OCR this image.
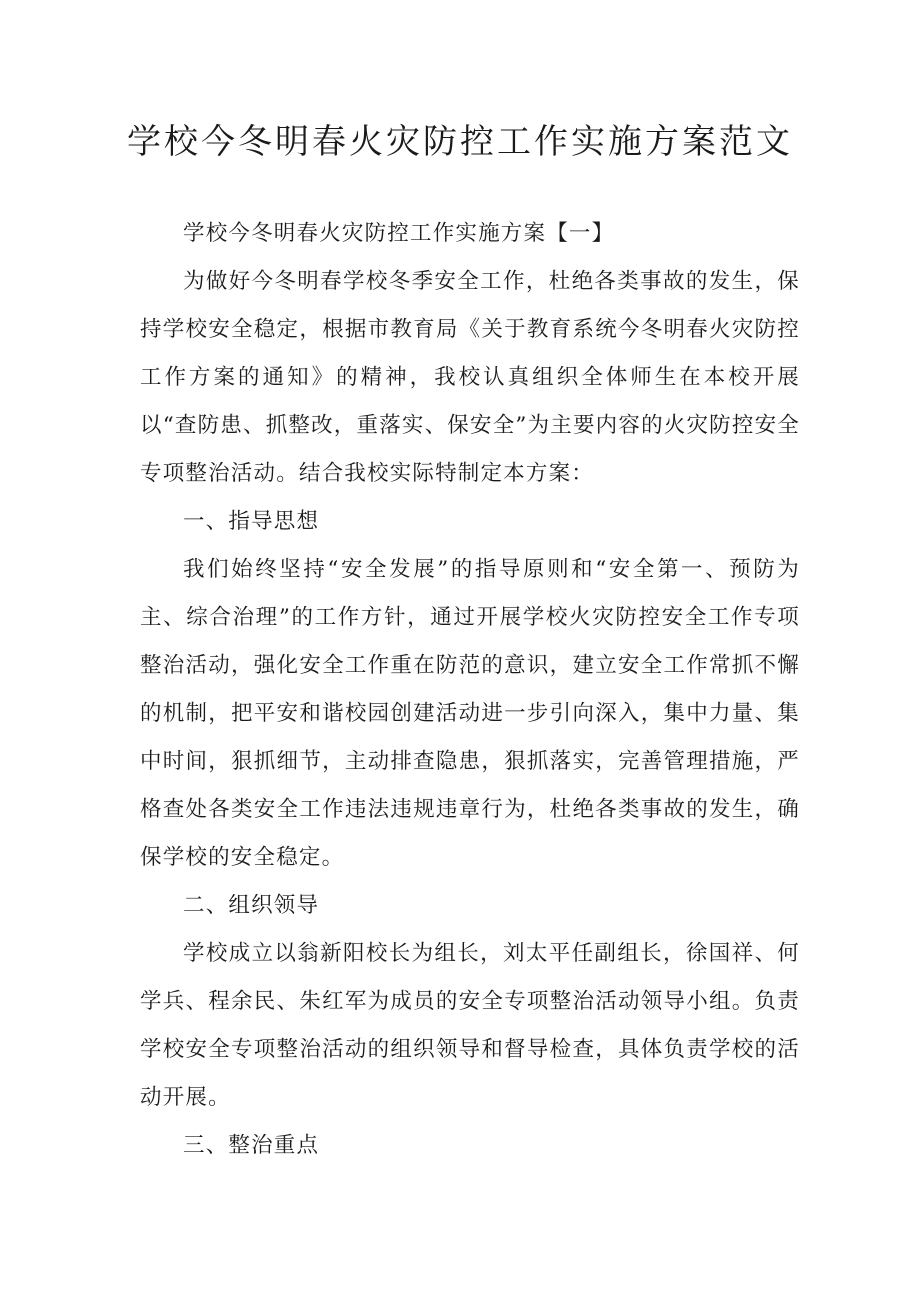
学校今冬明春火灾防控工作实施方案范文

学校今冬明春火灾防控工作实施方案【一】

为做好今冬明春学校冬季安全工作，杜绝各类事故的发生，保持学校安全稳定，根据市教育局《关于教育系统今冬明春火灾防控工作方案的通知》的精神，我校认真组织全体师生在本校开展以“查防患、抓整改，重落实、保安全”为主要内容的火灾防控安全专项整治活动。结合我校实际特制定本方案：

一、指导思想

我们始终坚持“安全发展”的指导原则和“安全第一、预防为主、综合治理”的工作方针，通过开展学校火灾防控安全工作专项整治活动，强化安全工作重在防范的意识，建立安全工作常抓不懈的机制，把平安和谐校园创建活动进一步引向深入，集中力量、集中时间，狠抓细节，主动排查隐患，狠抓落实，完善管理措施，严格查处各类安全工作违法违规违章行为，杜绝各类事故的发生，确保学校的安全稳定。

二、组织领导

学校成立以翁新阳校长为组长，刘太平任副组长，徐国祥、何学兵、程余民、朱红军为成员的安全专项整治活动领导小组。负责学校安全专项整治活动的组织领导和督导检查，具体负责学校的活动开展。

三、整治重点
